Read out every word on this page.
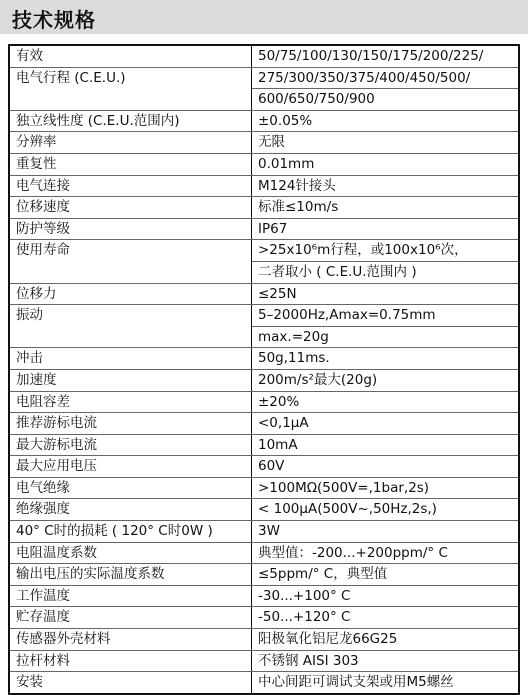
技术规格
有效	50/75/100/130/150/175/200/225/
电气行程 (C.E.U.)	275/300/350/375/400/450/500/
	600/650/750/900
独立线性度 (C.E.U.范围内)	±0.05%
分辨率	无限
重复性	0.01mm
电气连接	M124针接头
位移速度	标准≤10m/s
防护等级	IP67
使用寿命	>25x10⁶m行程，或100x10⁶次，
	二者取小 ( C.E.U.范围内 )
位移力	≤25N
振动	5–2000Hz,Amax=0.75mm
	max.=20g
冲击	50g,11ms.
加速度	200m/s²最大(20g)
电阻容差	±20%
推荐游标电流	<0,1μA
最大游标电流	10mA
最大应用电压	60V
电气绝缘	>100MΩ(500V=,1bar,2s)
绝缘强度	< 100μA(500V~,50Hz,2s,)
40° C时的损耗 ( 120° C时0W )	3W
电阻温度系数	典型值：-200...+200ppm/° C
输出电压的实际温度系数	≤5ppm/° C，典型值
工作温度	-30...+100° C
贮存温度	-50...+120° C
传感器外壳材料	阳极氧化铝尼龙66G25
拉杆材料	不锈钢 AISI 303
安装	中心间距可调试支架或用M5螺丝
